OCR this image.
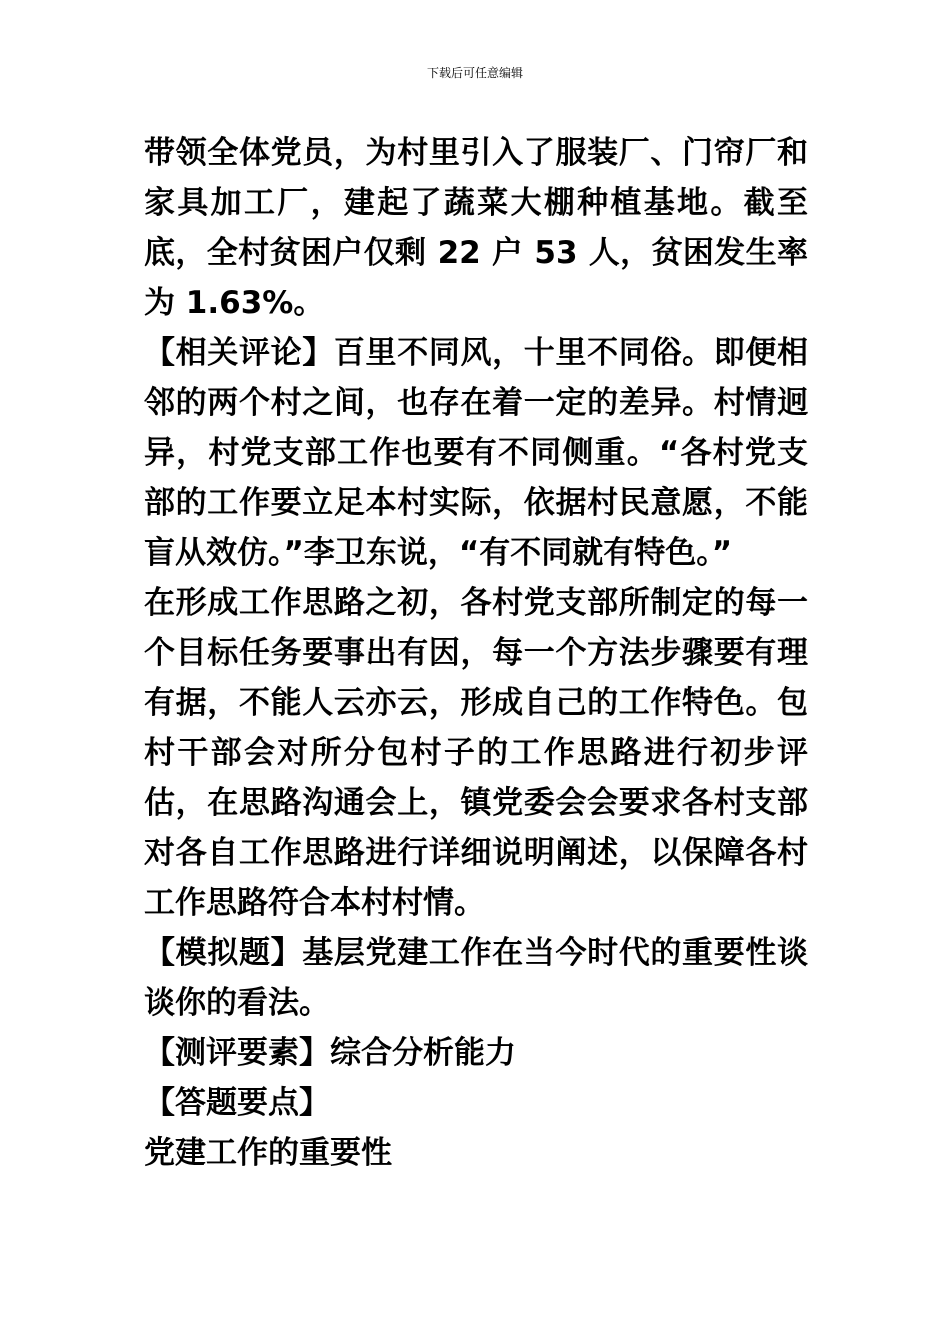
下载后可任意编辑

带领全体党员，为村里引入了服装厂、门帘厂和家具加工厂，建起了蔬菜大棚种植基地。截至 底，全村贫困户仅剩 22 户 53 人，贫困发生率为 1.63%。

【相关评论】百里不同风，十里不同俗。即便相邻的两个村之间，也存在着一定的差异。村情迥异，村党支部工作也要有不同侧重。“各村党支部的工作要立足本村实际，依据村民意愿，不能盲从效仿。”李卫东说，“有不同就有特色。”

在形成工作思路之初，各村党支部所制定的每一个目标任务要事出有因，每一个方法步骤要有理有据，不能人云亦云，形成自己的工作特色。包村干部会对所分包村子的工作思路进行初步评估，在思路沟通会上，镇党委会会要求各村支部对各自工作思路进行详细说明阐述，以保障各村工作思路符合本村村情。

【模拟题】基层党建工作在当今时代的重要性谈谈你的看法。

【测评要素】综合分析能力

【答题要点】

党建工作的重要性
